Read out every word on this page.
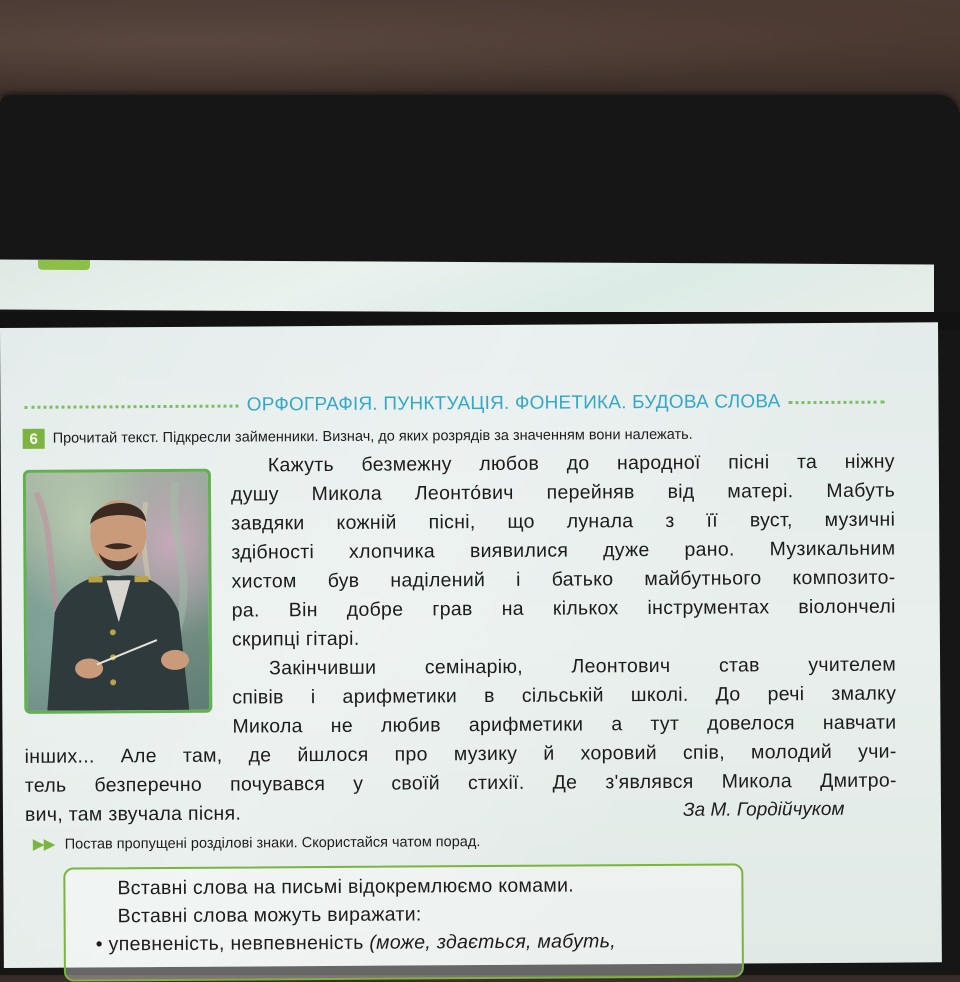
ОРФОГРАФІЯ. ПУНКТУАЦІЯ. ФОНЕТИКА. БУДОВА СЛОВА
6	Прочитай текст. Підкресли займенники. Визнач, до яких розрядів за значенням вони належать.
Кажуть безмежну любов до народної пісні та ніжну
душу Микола Леонто́вич перейняв від матері. Мабуть
завдяки кожній пісні, що лунала з її вуст, музичні
здібності хлопчика виявилися дуже рано. Музикальним
хистом був наділений і батько майбутнього композито-
ра. Він добре грав на кількох інструментах віолончелі
скрипці гітарі.
Закінчивши семінарію, Леонтович став учителем
співів і арифметики в сільській школі. До речі змалку
Микола не любив арифметики а тут довелося навчати
інших... Але там, де йшлося про музику й хоровий спів, молодий учи-
тель безперечно почувався у своїй стихії. Де з'являвся Микола Дмитро-
вич, там звучала пісня.	За М. Гордійчуком
▶▶ Постав пропущені розділові знаки. Скористайся чатом порад.
Вставні слова на письмі відокремлюємо комами.
Вставні слова можуть виражати:
• упевненість, невпевненість (може, здається, мабуть,
